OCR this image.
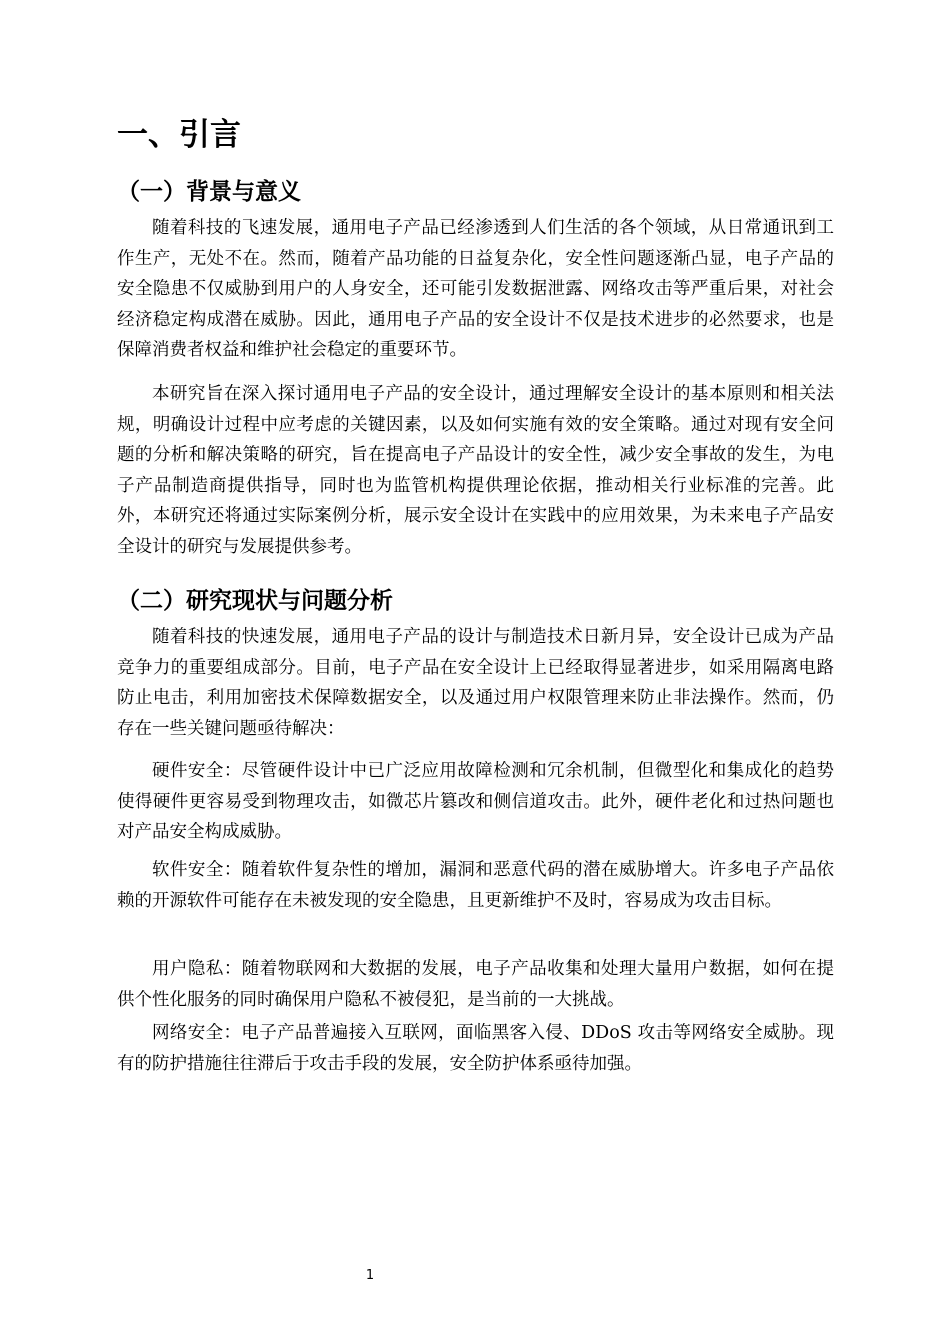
一、引言
（一）背景与意义
随着科技的飞速发展，通用电子产品已经渗透到人们生活的各个领域，从日常通讯到工作生产，无处不在。然而，随着产品功能的日益复杂化，安全性问题逐渐凸显，电子产品的安全隐患不仅威胁到用户的人身安全，还可能引发数据泄露、网络攻击等严重后果，对社会经济稳定构成潜在威胁。因此，通用电子产品的安全设计不仅是技术进步的必然要求，也是保障消费者权益和维护社会稳定的重要环节。
本研究旨在深入探讨通用电子产品的安全设计，通过理解安全设计的基本原则和相关法规，明确设计过程中应考虑的关键因素，以及如何实施有效的安全策略。通过对现有安全问题的分析和解决策略的研究，旨在提高电子产品设计的安全性，减少安全事故的发生，为电子产品制造商提供指导，同时也为监管机构提供理论依据，推动相关行业标准的完善。此外，本研究还将通过实际案例分析，展示安全设计在实践中的应用效果，为未来电子产品安全设计的研究与发展提供参考。
（二）研究现状与问题分析
随着科技的快速发展，通用电子产品的设计与制造技术日新月异，安全设计已成为产品竞争力的重要组成部分。目前，电子产品在安全设计上已经取得显著进步，如采用隔离电路防止电击，利用加密技术保障数据安全，以及通过用户权限管理来防止非法操作。然而，仍存在一些关键问题亟待解决：
硬件安全：尽管硬件设计中已广泛应用故障检测和冗余机制，但微型化和集成化的趋势使得硬件更容易受到物理攻击，如微芯片篡改和侧信道攻击。此外，硬件老化和过热问题也对产品安全构成威胁。
软件安全：随着软件复杂性的增加，漏洞和恶意代码的潜在威胁增大。许多电子产品依赖的开源软件可能存在未被发现的安全隐患，且更新维护不及时，容易成为攻击目标。
用户隐私：随着物联网和大数据的发展，电子产品收集和处理大量用户数据，如何在提供个性化服务的同时确保用户隐私不被侵犯，是当前的一大挑战。
网络安全：电子产品普遍接入互联网，面临黑客入侵、DDoS 攻击等网络安全威胁。现有的防护措施往往滞后于攻击手段的发展，安全防护体系亟待加强。
1
